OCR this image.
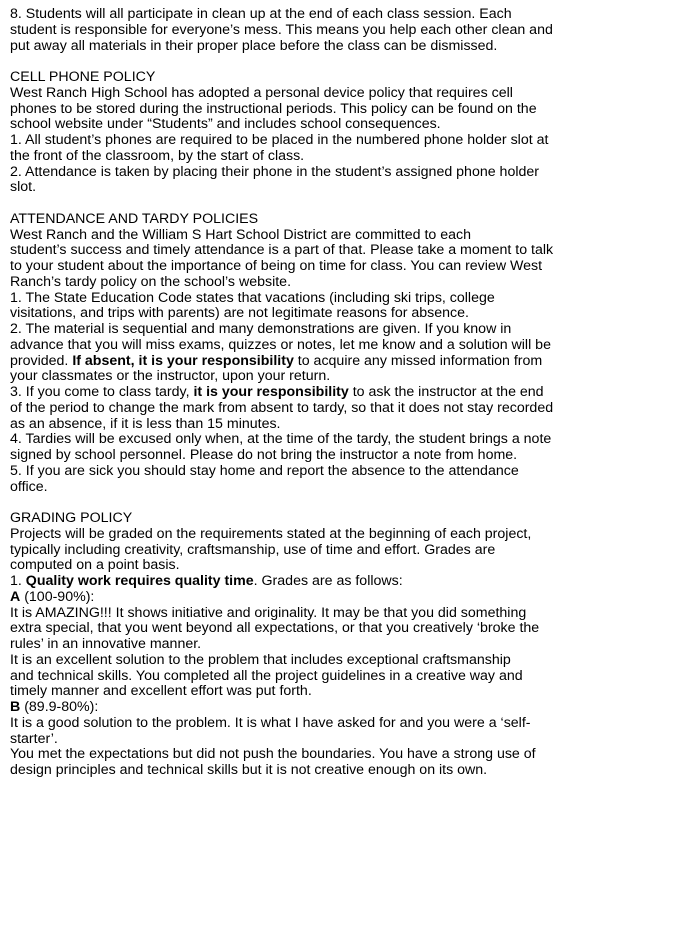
8. Students will all participate in clean up at the end of each class session. Each
student is responsible for everyone’s mess. This means you help each other clean and
put away all materials in their proper place before the class can be dismissed.
CELL PHONE POLICY
West Ranch High School has adopted a personal device policy that requires cell
phones to be stored during the instructional periods. This policy can be found on the
school website under “Students” and includes school consequences.
1. All student’s phones are required to be placed in the numbered phone holder slot at
the front of the classroom, by the start of class.
2. Attendance is taken by placing their phone in the student’s assigned phone holder
slot.
ATTENDANCE AND TARDY POLICIES
West Ranch and the William S Hart School District are committed to each
student’s success and timely attendance is a part of that. Please take a moment to talk
to your student about the importance of being on time for class. You can review West
Ranch’s tardy policy on the school’s website.
1. The State Education Code states that vacations (including ski trips, college
visitations, and trips with parents) are not legitimate reasons for absence.
2. The material is sequential and many demonstrations are given. If you know in
advance that you will miss exams, quizzes or notes, let me know and a solution will be
provided. If absent, it is your responsibility to acquire any missed information from
your classmates or the instructor, upon your return.
3. If you come to class tardy, it is your responsibility to ask the instructor at the end
of the period to change the mark from absent to tardy, so that it does not stay recorded
as an absence, if it is less than 15 minutes.
4. Tardies will be excused only when, at the time of the tardy, the student brings a note
signed by school personnel. Please do not bring the instructor a note from home.
5. If you are sick you should stay home and report the absence to the attendance
office.
GRADING POLICY
Projects will be graded on the requirements stated at the beginning of each project,
typically including creativity, craftsmanship, use of time and effort. Grades are
computed on a point basis.
1. Quality work requires quality time. Grades are as follows:
A (100-90%):
It is AMAZING!!! It shows initiative and originality. It may be that you did something
extra special, that you went beyond all expectations, or that you creatively ‘broke the
rules’ in an innovative manner.
It is an excellent solution to the problem that includes exceptional craftsmanship
and technical skills. You completed all the project guidelines in a creative way and
timely manner and excellent effort was put forth.
B (89.9-80%):
It is a good solution to the problem. It is what I have asked for and you were a ‘self-
starter’.
You met the expectations but did not push the boundaries. You have a strong use of
design principles and technical skills but it is not creative enough on its own.
